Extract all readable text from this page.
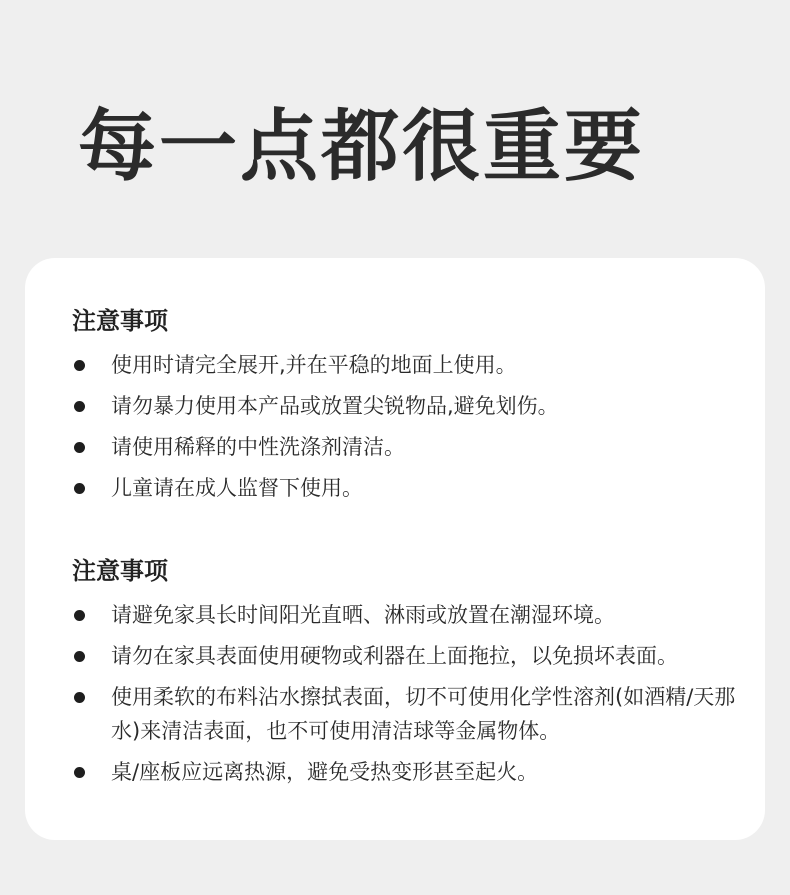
每一点都很重要
注意事项
使用时请完全展开,并在平稳的地面上使用。
请勿暴力使用本产品或放置尖锐物品,避免划伤。
请使用稀释的中性洗涤剂清洁。
儿童请在成人监督下使用。
注意事项
请避免家具长时间阳光直晒、淋雨或放置在潮湿环境。
请勿在家具表面使用硬物或利器在上面拖拉，以免损坏表面。
使用柔软的布料沾水擦拭表面，切不可使用化学性溶剂(如酒精/天那水)来清洁表面，也不可使用清洁球等金属物体。
桌/座板应远离热源，避免受热变形甚至起火。
